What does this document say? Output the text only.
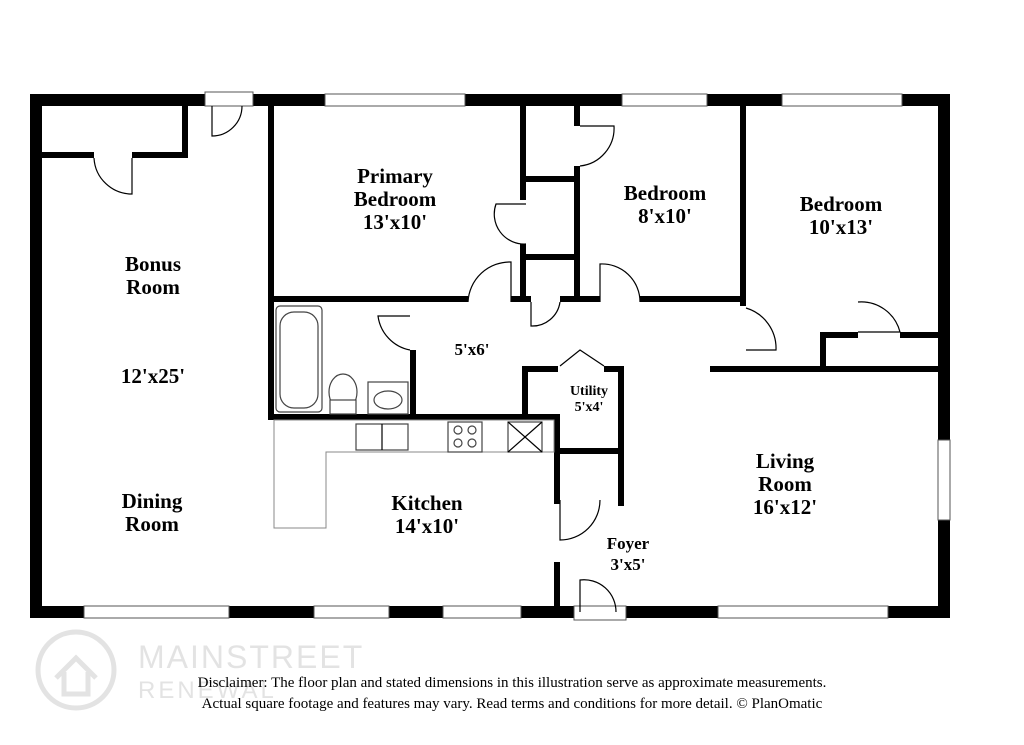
MAINSTREET
RENEWAL
Bonus
Room
12'x25'
Dining
Room
Primary
Bedroom
13'x10'
Bedroom
8'x10'	Bedroom
10'x13'
5'x6'
Utility
5'x4'
Living
Room
16'x12'
Kitchen
14'x10'
Foyer
3'x5'
Disclaimer: The floor plan and stated dimensions in this illustration serve as approximate measurements.
Actual square footage and features may vary. Read terms and conditions for more detail. © PlanOmatic
